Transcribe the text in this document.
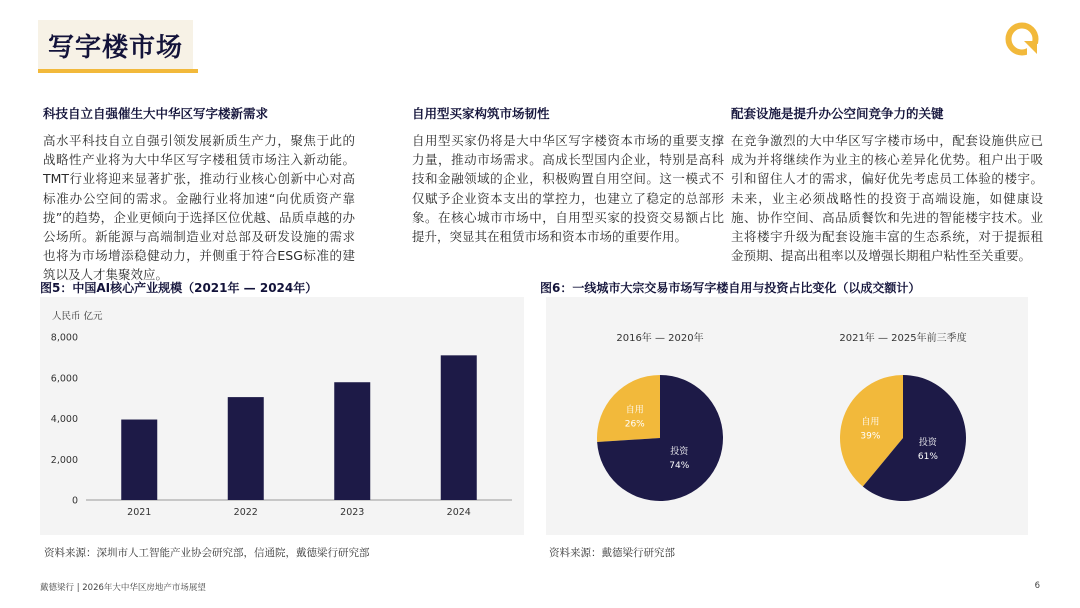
写字楼市场
科技自立自强催生大中华区写字楼新需求
高水平科技自立自强引领发展新质生产力，聚焦于此的战略性产业将为大中华区写字楼租赁市场注入新动能。TMT行业将迎来显著扩张，推动行业核心创新中心对高标准办公空间的需求。金融行业将加速“向优质资产靠拢”的趋势，企业更倾向于选择区位优越、品质卓越的办公场所。新能源与高端制造业对总部及研发设施的需求也将为市场增添稳健动力，并侧重于符合ESG标准的建筑以及人才集聚效应。
自用型买家构筑市场韧性
自用型买家仍将是大中华区写字楼资本市场的重要支撑力量，推动市场需求。高成长型国内企业，特别是高科技和金融领域的企业，积极购置自用空间。这一模式不仅赋予企业资本支出的掌控力，也建立了稳定的总部形象。在核心城市市场中，自用型买家的投资交易额占比提升，突显其在租赁市场和资本市场的重要作用。
配套设施是提升办公空间竞争力的关键
在竞争激烈的大中华区写字楼市场中，配套设施供应已成为并将继续作为业主的核心差异化优势。租户出于吸引和留住人才的需求，偏好优先考虑员工体验的楼宇。未来，业主必须战略性的投资于高端设施，如健康设施、协作空间、高品质餐饮和先进的智能楼宇技术。业主将楼宇升级为配套设施丰富的生态系统，对于提振租金预期、提高出租率以及增强长期租户粘性至关重要。
图5：中国AI核心产业规模（2021年 — 2024年）	图6：一线城市大宗交易市场写字楼自用与投资占比变化（以成交额计）
人民币 亿元
0
2,000
4,000
6,000
8,000
2021	2022	2023	2024
2016年 — 2020年
自用
26%
投资
74%
2021年 — 2025年前三季度
自用
39%
投资
61%
资料来源：深圳市人工智能产业协会研究部，信通院，戴德梁行研究部	资料来源：戴德梁行研究部
戴德梁行 | 2026年大中华区房地产市场展望	6
